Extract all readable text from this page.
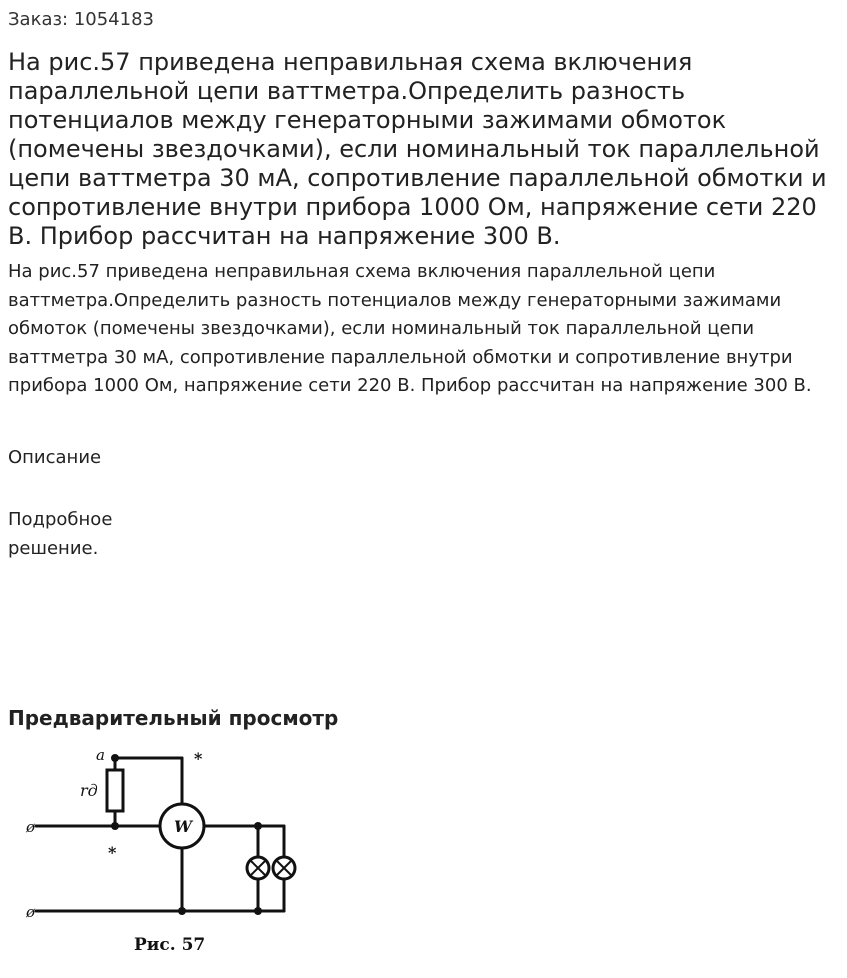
Заказ: 1054183
На рис.57 приведена неправильная схема включения параллельной цепи ваттметра.Определить разность потенциалов между генераторными зажимами обмоток (помечены звездочками), если номинальный ток параллельной цепи ваттметра 30 мА, сопротивление параллельной обмотки и сопротивление внутри прибора 1000 Ом, напряжение сети 220 В. Прибор рассчитан на напряжение 300 В.

На рис.57 приведена неправильная схема включения параллельной цепи ваттметра.Определить разность потенциалов между генераторными зажимами обмоток (помечены звездочками), если номинальный ток параллельной цепи ваттметра 30 мА, сопротивление параллельной обмотки и сопротивление внутри прибора 1000 Ом, напряжение сети 220 В. Прибор рассчитан на напряжение 300 В.

Описание
Подробное решение.
Предварительный просмотр
a
rд
W
*
*
ø
ø
Рис. 57
